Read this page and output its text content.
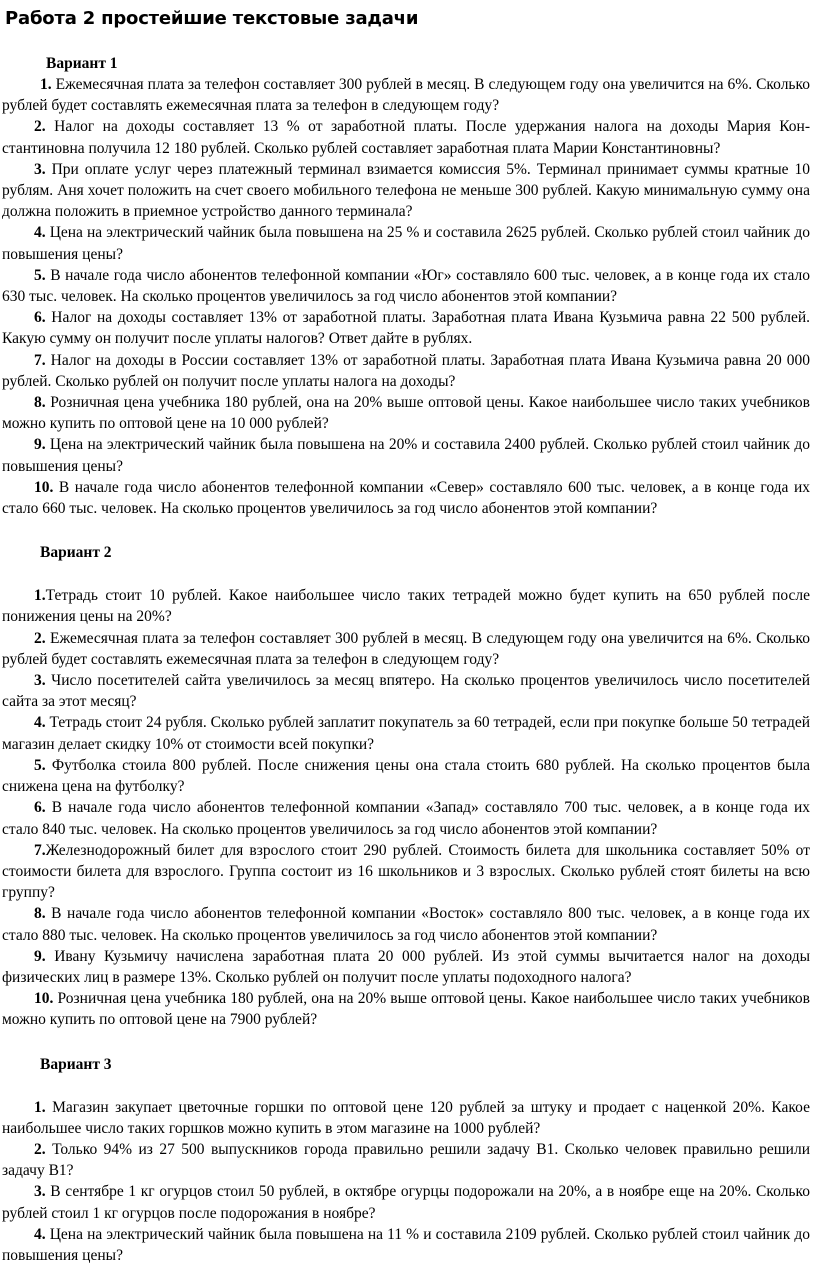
Работа 2 простейшие текстовые задачи
Вариант 1

1. Ежемесячная плата за телефон составляет 300 рублей в месяц. В следующем году она увеличится на 6%. Сколько рублей будет составлять ежемесячная плата за телефон в следующем году?

2. Налог на доходы составляет 13 % от заработной платы. После удержания налога на доходы Мария Константиновна получила 12 180 рублей. Сколько рублей составляет заработная плата Марии Константиновны?

3. При оплате услуг через платежный терминал взимается комиссия 5%. Терминал принимает суммы кратные 10 рублям. Аня хочет положить на счет своего мобильного телефона не меньше 300 рублей. Какую минимальную сумму она должна положить в приемное устройство данного терминала?

4. Цена на электрический чайник была повышена на 25 % и составила 2625 рублей. Сколько рублей стоил чайник до повышения цены?

5. В начале года число абонентов телефонной компании «Юг» составляло 600 тыс. человек, а в конце года их стало 630 тыс. человек. На сколько процентов увеличилось за год число абонентов этой компании?

6. Налог на доходы составляет 13% от заработной платы. Заработная плата Ивана Кузьмича равна 22 500 рублей. Какую сумму он получит после уплаты налогов? Ответ дайте в рублях.

7. Налог на доходы в России составляет 13% от заработной платы. Заработная плата Ивана Кузьмича равна 20 000 рублей. Сколько рублей он получит после уплаты налога на доходы?

8. Розничная цена учебника 180 рублей, она на 20% выше оптовой цены. Какое наибольшее число таких учебников можно купить по оптовой цене на 10 000 рублей?

9. Цена на электрический чайник была повышена на 20% и составила 2400 рублей. Сколько рублей стоил чайник до повышения цены?

10. В начале года число абонентов телефонной компании «Север» составляло 600 тыс. человек, а в конце года их стало 660 тыс. человек. На сколько процентов увеличилось за год число абонентов этой компании?

Вариант 2

1.Тетрадь стоит 10 рублей. Какое наибольшее число таких тетрадей можно будет купить на 650 рублей после понижения цены на 20%?

2. Ежемесячная плата за телефон составляет 300 рублей в месяц. В следующем году она увеличится на 6%. Сколько рублей будет составлять ежемесячная плата за телефон в следующем году?

3. Число посетителей сайта увеличилось за месяц впятеро. На сколько процентов увеличилось число посетителей сайта за этот месяц?

4. Тетрадь стоит 24 рубля. Сколько рублей заплатит покупатель за 60 тетрадей, если при покупке больше 50 тетрадей магазин делает скидку 10% от стоимости всей покупки?

5. Футболка стоила 800 рублей. После снижения цены она стала стоить 680 рублей. На сколько процентов была снижена цена на футболку?

6. В начале года число абонентов телефонной компании «Запад» составляло 700 тыс. человек, а в конце года их стало 840 тыс. человек. На сколько процентов увеличилось за год число абонентов этой компании?

7.Железнодорожный билет для взрослого стоит 290 рублей. Стоимость билета для школьника составляет 50% от стоимости билета для взрослого. Группа состоит из 16 школьников и 3 взрослых. Сколько рублей стоят билеты на всю группу?

8. В начале года число абонентов телефонной компании «Восток» составляло 800 тыс. человек, а в конце года их стало 880 тыс. человек. На сколько процентов увеличилось за год число абонентов этой компании?

9. Ивану Кузьмичу начислена заработная плата 20 000 рублей. Из этой суммы вычитается налог на доходы физических лиц в размере 13%. Сколько рублей он получит после уплаты подоходного налога?

10. Розничная цена учебника 180 рублей, она на 20% выше оптовой цены. Какое наибольшее число таких учебников можно купить по оптовой цене на 7900 рублей?

Вариант 3

1. Магазин закупает цветочные горшки по оптовой цене 120 рублей за штуку и продает с наценкой 20%. Какое наибольшее число таких горшков можно купить в этом магазине на 1000 рублей?

2. Только 94% из 27 500 выпускников города правильно решили задачу B1. Сколько человек правильно решили задачу B1?

3. В сентябре 1 кг огурцов стоил 50 рублей, в октябре огурцы подорожали на 20%, а в ноябре еще на 20%. Сколько рублей стоил 1 кг огурцов после подорожания в ноябре?

4. Цена на электрический чайник была повышена на 11 % и составила 2109 рублей. Сколько рублей стоил чайник до повышения цены?
